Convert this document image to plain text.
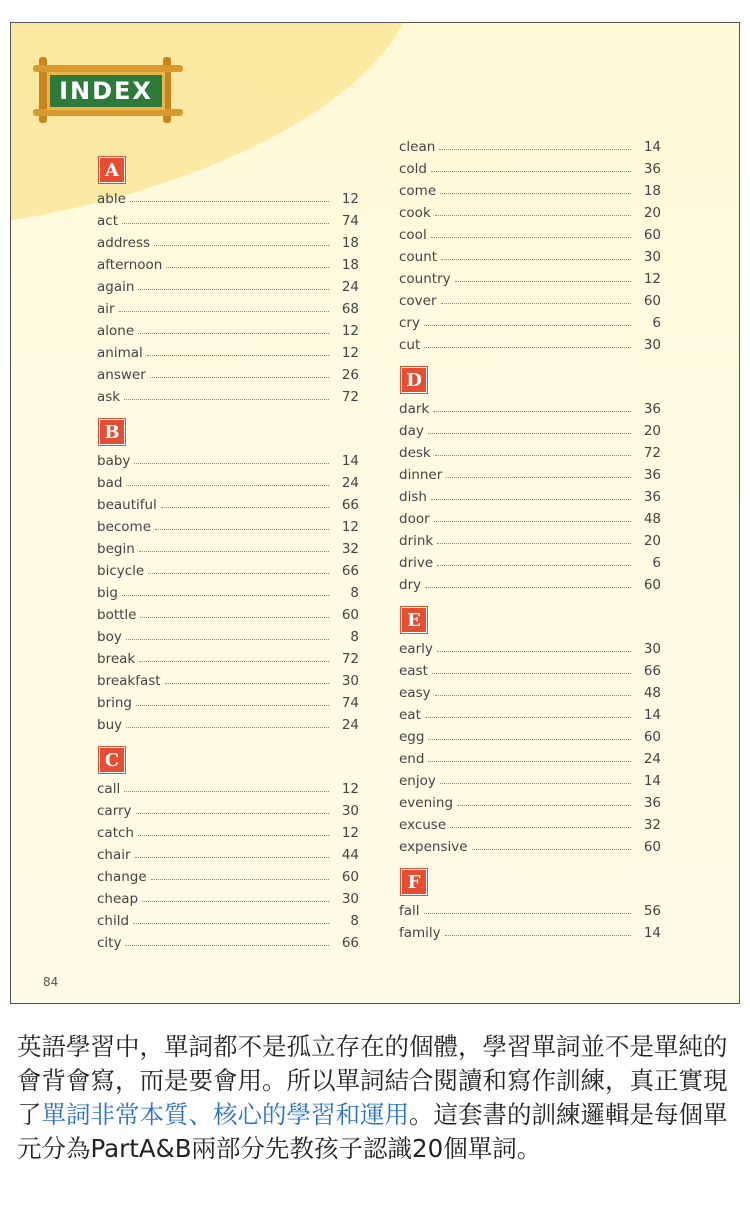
INDEX
A
able	12
act	74
address	18
afternoon	18
again	24
air	68
alone	12
animal	12
answer	26
ask	72
B
baby	14
bad	24
beautiful	66
become	12
begin	32
bicycle	66
big	8
bottle	60
boy	8
break	72
breakfast	30
bring	74
buy	24
C
call	12
carry	30
catch	12
chair	44
change	60
cheap	30
child	8
city	66
clean	14
cold	36
come	18
cook	20
cool	60
count	30
country	12
cover	60
cry	6
cut	30
D
dark	36
day	20
desk	72
dinner	36
dish	36
door	48
drink	20
drive	6
dry	60
E
early	30
east	66
easy	48
eat	14
egg	60
end	24
enjoy	14
evening	36
excuse	32
expensive	60
F
fall	56
family	14
84
英語學習中，單詞都不是孤立存在的個體，學習單詞並不是單純的會背會寫，而是要會用。所以單詞結合閱讀和寫作訓練，真正實現了單詞非常本質、核心的學習和運用。這套書的訓練邏輯是每個單元分為PartA&B兩部分先教孩子認識20個單詞。
